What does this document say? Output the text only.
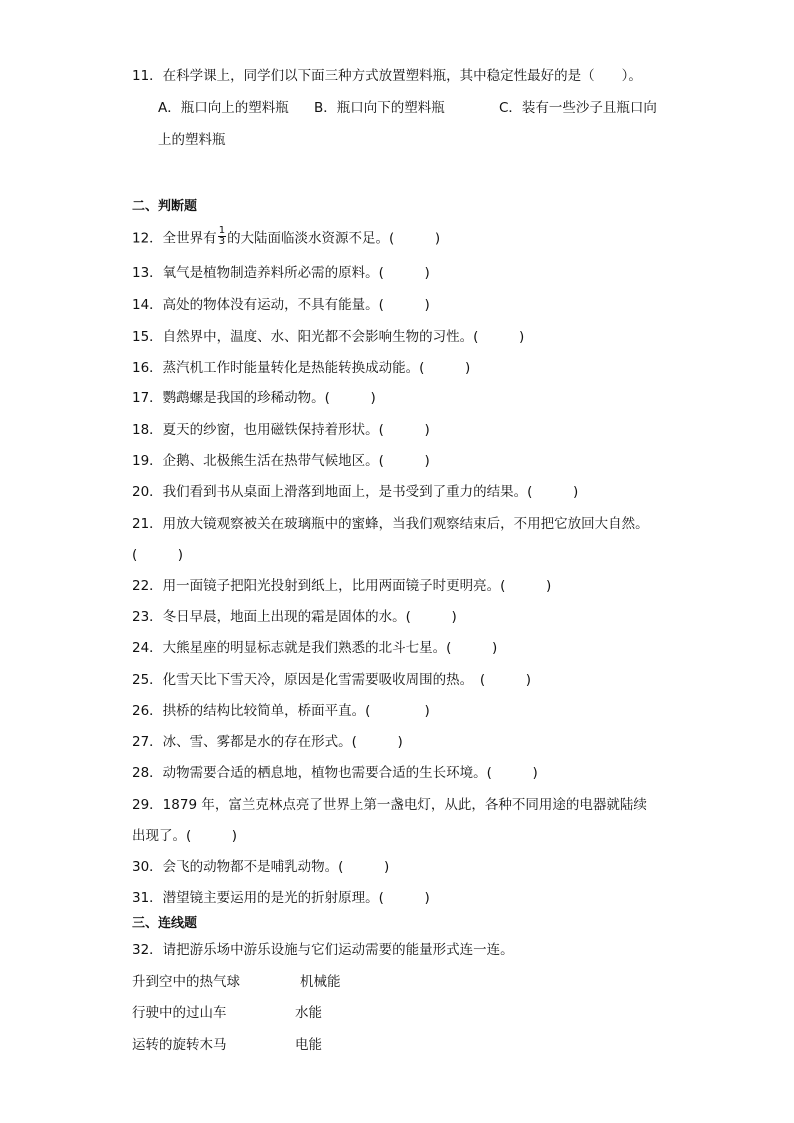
11．在科学课上，同学们以下面三种方式放置塑料瓶，其中稳定性最好的是（　　）。
A．瓶口向上的塑料瓶 B．瓶口向下的塑料瓶	C．装有一些沙子且瓶口向
上的塑料瓶
二、判断题
12．全世界有 $\frac{1}{3}$ 的大陆面临淡水资源不足。(　　　)
13．氧气是植物制造养料所必需的原料。(　　　)
14．高处的物体没有运动，不具有能量。(　　　)
15．自然界中，温度、水、阳光都不会影响生物的习性。(　　　)
16．蒸汽机工作时能量转化是热能转换成动能。(　　　)
17．鹦鹉螺是我国的珍稀动物。(　　　)
18．夏天的纱窗，也用磁铁保持着形状。(　　　)
19．企鹅、北极熊生活在热带气候地区。(　　　)
20．我们看到书从桌面上滑落到地面上，是书受到了重力的结果。(　　　)
21．用放大镜观察被关在玻璃瓶中的蜜蜂，当我们观察结束后，不用把它放回大自然。
(　　　)
22．用一面镜子把阳光投射到纸上，比用两面镜子时更明亮。(　　　)
23．冬日早晨，地面上出现的霜是固体的水。(　　　)
24．大熊星座的明显标志就是我们熟悉的北斗七星。(　　　)
25．化雪天比下雪天冷，原因是化雪需要吸收周围的热。　(　　　)
26．拱桥的结构比较简单，桥面平直。(　　　　)
27．冰、雪、雾都是水的存在形式。(　　　)
28．动物需要合适的栖息地，植物也需要合适的生长环境。(　　　)
29．1879 年，富兰克林点亮了世界上第一盏电灯，从此，各种不同用途的电器就陆续
出现了。(　　　)
30．会飞的动物都不是哺乳动物。(　　　)
31．潜望镜主要运用的是光的折射原理。(　　　)
三、连线题
32．请把游乐场中游乐设施与它们运动需要的能量形式连一连。
升到空中的热气球	机械能
行驶中的过山车	水能
运转的旋转木马	电能
